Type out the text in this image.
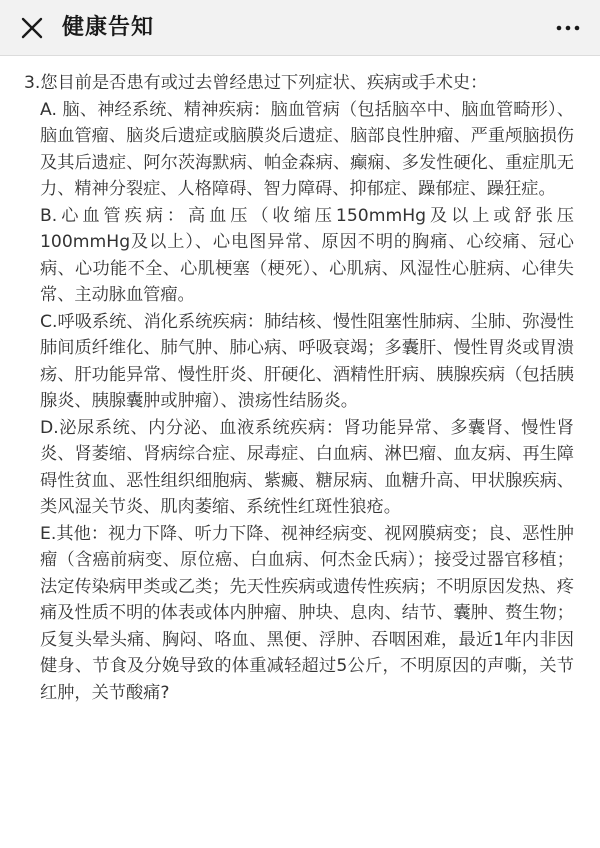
健康告知

3.您目前是否患有或过去曾经患过下列症状、疾病或手术史：

A. 脑、神经系统、精神疾病：脑血管病（包括脑卒中、脑血管畸形）、脑血管瘤、脑炎后遗症或脑膜炎后遗症、脑部良性肿瘤、严重颅脑损伤及其后遗症、阿尔茨海默病、帕金森病、癫痫、多发性硬化、重症肌无力、精神分裂症、人格障碍、智力障碍、抑郁症、躁郁症、躁狂症。

B.心血管疾病：高血压（收缩压150mmHg及以上或舒张压100mmHg及以上）、心电图异常、原因不明的胸痛、心绞痛、冠心病、心功能不全、心肌梗塞（梗死）、心肌病、风湿性心脏病、心律失常、主动脉血管瘤。

C.呼吸系统、消化系统疾病：肺结核、慢性阻塞性肺病、尘肺、弥漫性肺间质纤维化、肺气肿、肺心病、呼吸衰竭；多囊肝、慢性胃炎或胃溃疡、肝功能异常、慢性肝炎、肝硬化、酒精性肝病、胰腺疾病（包括胰腺炎、胰腺囊肿或肿瘤）、溃疡性结肠炎。

D.泌尿系统、内分泌、血液系统疾病：肾功能异常、多囊肾、慢性肾炎、肾萎缩、肾病综合症、尿毒症、白血病、淋巴瘤、血友病、再生障碍性贫血、恶性组织细胞病、紫癜、糖尿病、血糖升高、甲状腺疾病、类风湿关节炎、肌肉萎缩、系统性红斑性狼疮。

E.其他：视力下降、听力下降、视神经病变、视网膜病变；良、恶性肿瘤（含癌前病变、原位癌、白血病、何杰金氏病）；接受过器官移植；法定传染病甲类或乙类；先天性疾病或遗传性疾病；不明原因发热、疼痛及性质不明的体表或体内肿瘤、肿块、息肉、结节、囊肿、赘生物；反复头晕头痛、胸闷、咯血、黑便、浮肿、吞咽困难，最近1年内非因健身、节食及分娩导致的体重减轻超过5公斤，不明原因的声嘶，关节红肿，关节酸痛?
